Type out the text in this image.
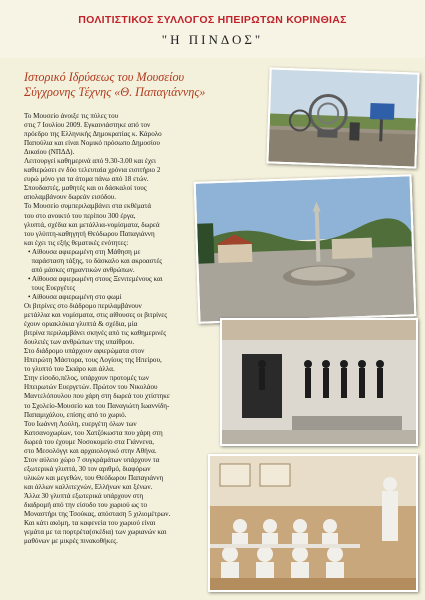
ΠΟΛΙΤΙΣΤΙΚΟΣ ΣΥΛΛΟΓΟΣ ΗΠΕΙΡΩΤΩΝ ΚΟΡΙΝΘΙΑΣ
"Η ΠΙΝΔΟΣ"
Ιστορικό Ιδρύσεως του Μουσείου
Σύγχρονης Τέχνης «Θ. Παπαγιάννης»
Το Μουσείο άνοιξε τις πύλες του
στις 7 Ιουλίου 2009. Εγκαινιάστηκε από τον
πρόεδρο της Ελληνικής Δημοκρατίας κ. Κάρολο
Παπούλια και είναι Νομικό πρόσωπο Δημοσίου
Δικαίου (ΝΠΔΔ).
Λειτουργεί καθημερινά από 9.30-3.00 και έχει
καθιερώσει εν δύο τελευταία χρόνια εισιτήριο 2
ευρώ μόνο για τα άτομα πάνω από 18 ετών.
Σπουδαστές, μαθητές και οι δάσκαλοί τους
απολαμβάνουν δωρεάν εισόδου.
Το Μουσείο συμπεριλαμβάνει στα εκθέματά
του στο ανοικτό του περίπου 300 έργα,
γλυπτά, σχέδια και μετάλλια-νομίσματα, δωρεά
του γλύπτη-καθηγητή Θεόδωρου Παπαγιάννη
και έχει τις εξής θεματικές ενότητες:
• Αίθουσα αφιερωμένη στη Μάθηση με
παράσταση τάξης, το δάσκαλο και ακροαστές
από μάσκες σημαντικών ανθρώπων.
• Αίθουσα αφιερωμένη στους Ξενιτεμένους και
τους Ευεργέτες
• Αίθουσα αφιερωμένη στο φωμί
Οι βιτρίνες στο διάδρομο περιλαμβάνουν
μετάλλια και νομίσματα, στις αίθουσες οι βιτρίνες
έχουν οριακλόκια γλυπτά & σχέδια, μία
βιτρίνα περιλαμβάνει σκηνές από τις καθημερινές
δουλειές των ανθρώπων της υπαίθρου.
Στο διάδρομο υπάρχουν αφιερώματα στον
Ηπειρώτη Μάστορα, τους Λογίους της Ηπείρου,
το γλυπτό του Σκιάρο και άλλα.
Στην είσοδο,πέλος, υπάρχουν προτομές των
Ηπειρωτών Ευεργετών. Πρώτον του Νικολάου
Μαντελόπουλου που χάρη στη δωρεά του χτίστηκε
το Σχολείο-Μουσείο και του Παναγιώτη Ιωαννίδη-
Παπαμιχάλου, επίσης από το χωριό.
Του Ιωάννη Λούλη, ευεργέτη όλων των
Κατσανοχωρίων, του Χατζόκωστα που χάρη στη
δωρεά του έχουμε Νοσοκομείο στα Γιάννενα,
στο Μεσολόγγι και αρχαιολογικό στην Αθήνα.
Στον αύλειο χώρο 7 συγκράμάτων υπάρχουν τα
εξωτερικά γλυπτά, 30 τον αριθμό, διαφόρων
υλικών και μεγεθών, του Θεόδωρου Παπαγιάννη
και άλλων καλλιτεχνών, Ελλήνων και ξένων.
Άλλα 30 γλυπτά εξωτερικά υπάρχουν στη
διαδρομή από την είσοδο του χωριού ως το
Μοναστήρι της Τσούκας, απόσταση 5 χιλιομέτρων.
Και κάτι ακόμη, τα καφενεία του χωριού είναι
γεμάτα με τα πορτρέτα(σκέδια) των χωριανών και
μαθόνων με μικρές πινακοθήκες.
